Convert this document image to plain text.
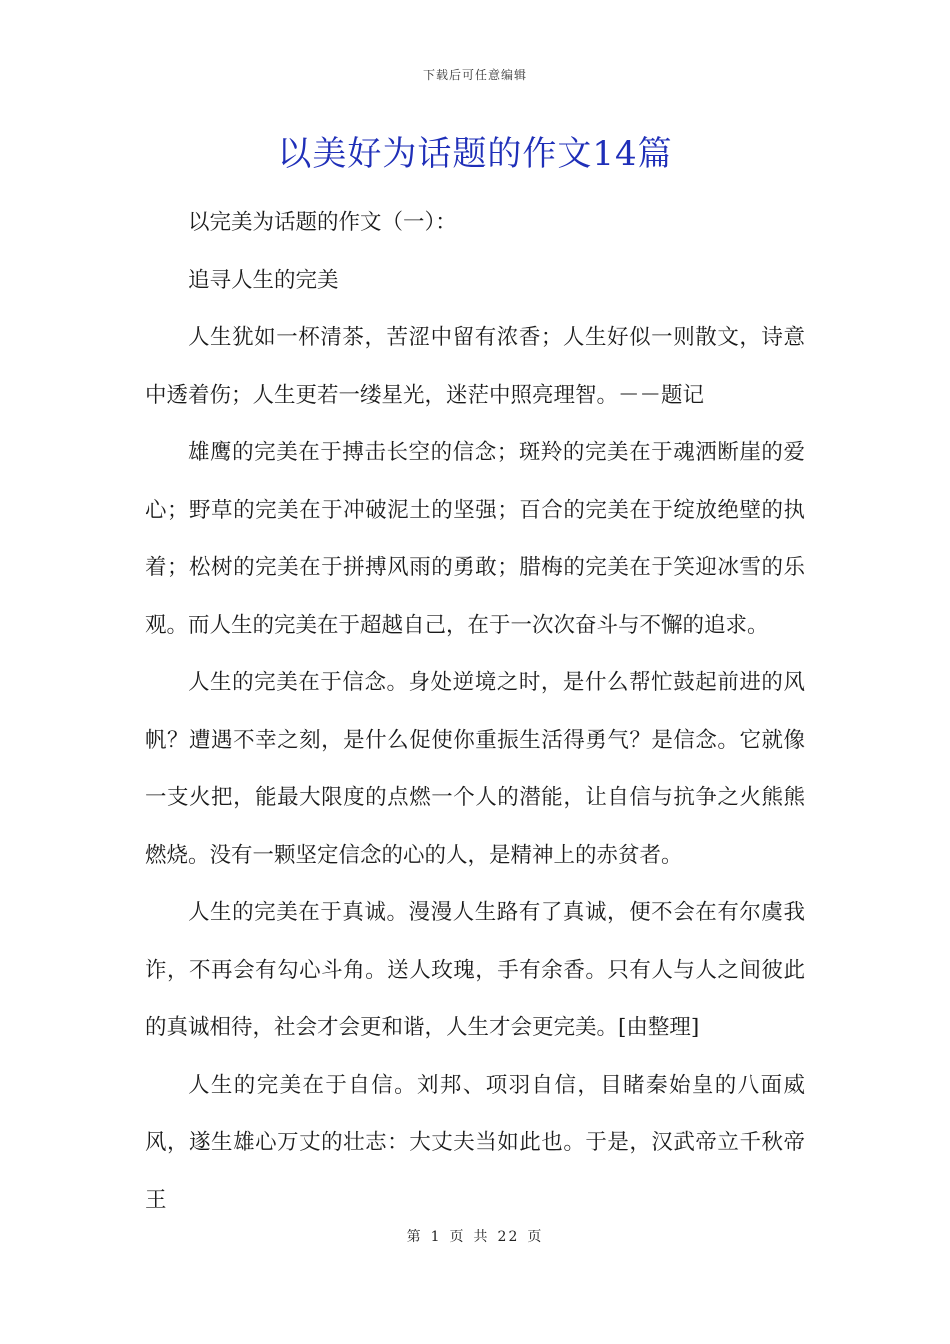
下载后可任意编辑
以美好为话题的作文14篇

以完美为话题的作文（一）：

追寻人生的完美

人生犹如一杯清茶，苦涩中留有浓香；人生好似一则散文，诗意中透着伤；人生更若一缕星光，迷茫中照亮理智。－－题记

雄鹰的完美在于搏击长空的信念；斑羚的完美在于魂洒断崖的爱心；野草的完美在于冲破泥土的坚强；百合的完美在于绽放绝壁的执着；松树的完美在于拼搏风雨的勇敢；腊梅的完美在于笑迎冰雪的乐观。而人生的完美在于超越自己，在于一次次奋斗与不懈的追求。

人生的完美在于信念。身处逆境之时，是什么帮忙鼓起前进的风帆？遭遇不幸之刻，是什么促使你重振生活得勇气？是信念。它就像一支火把，能最大限度的点燃一个人的潜能，让自信与抗争之火熊熊燃烧。没有一颗坚定信念的心的人，是精神上的赤贫者。

人生的完美在于真诚。漫漫人生路有了真诚，便不会在有尔虞我诈，不再会有勾心斗角。送人玫瑰，手有余香。只有人与人之间彼此的真诚相待，社会才会更和谐，人生才会更完美。[由整理]

人生的完美在于自信。刘邦、项羽自信，目睹秦始皇的八面威风，遂生雄心万丈的壮志：大丈夫当如此也。于是，汉武帝立千秋帝王

第 1 页 共 22 页
